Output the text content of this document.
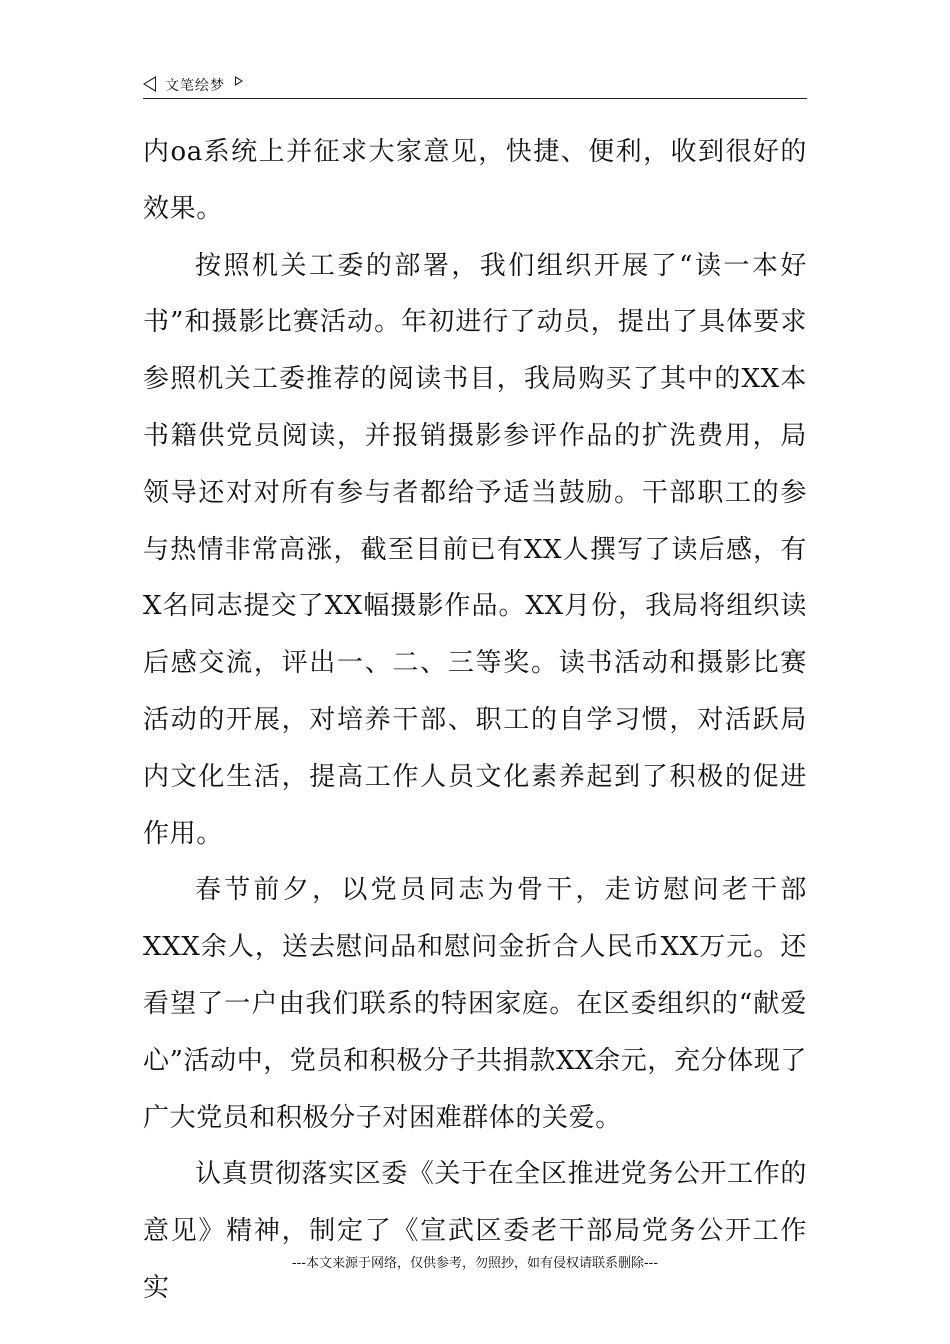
文笔绘梦

内oa系统上并征求大家意见，快捷、便利，收到很好的效果。

按照机关工委的部署，我们组织开展了“读一本好书”和摄影比赛活动。年初进行了动员，提出了具体要求参照机关工委推荐的阅读书目，我局购买了其中的XX本书籍供党员阅读，并报销摄影参评作品的扩洗费用，局领导还对对所有参与者都给予适当鼓励。干部职工的参与热情非常高涨，截至目前已有XX人撰写了读后感，有X名同志提交了XX幅摄影作品。XX月份，我局将组织读后感交流，评出一、二、三等奖。读书活动和摄影比赛活动的开展，对培养干部、职工的自学习惯，对活跃局内文化生活，提高工作人员文化素养起到了积极的促进作用。

春节前夕，以党员同志为骨干，走访慰问老干部XXX余人，送去慰问品和慰问金折合人民币XX万元。还看望了一户由我们联系的特困家庭。在区委组织的“献爱心”活动中，党员和积极分子共捐款XX余元，充分体现了广大党员和积极分子对困难群体的关爱。

认真贯彻落实区委《关于在全区推进党务公开工作的意见》精神，制定了《宣武区委老干部局党务公开工作实

---本文来源于网络，仅供参考，勿照抄，如有侵权请联系删除---
